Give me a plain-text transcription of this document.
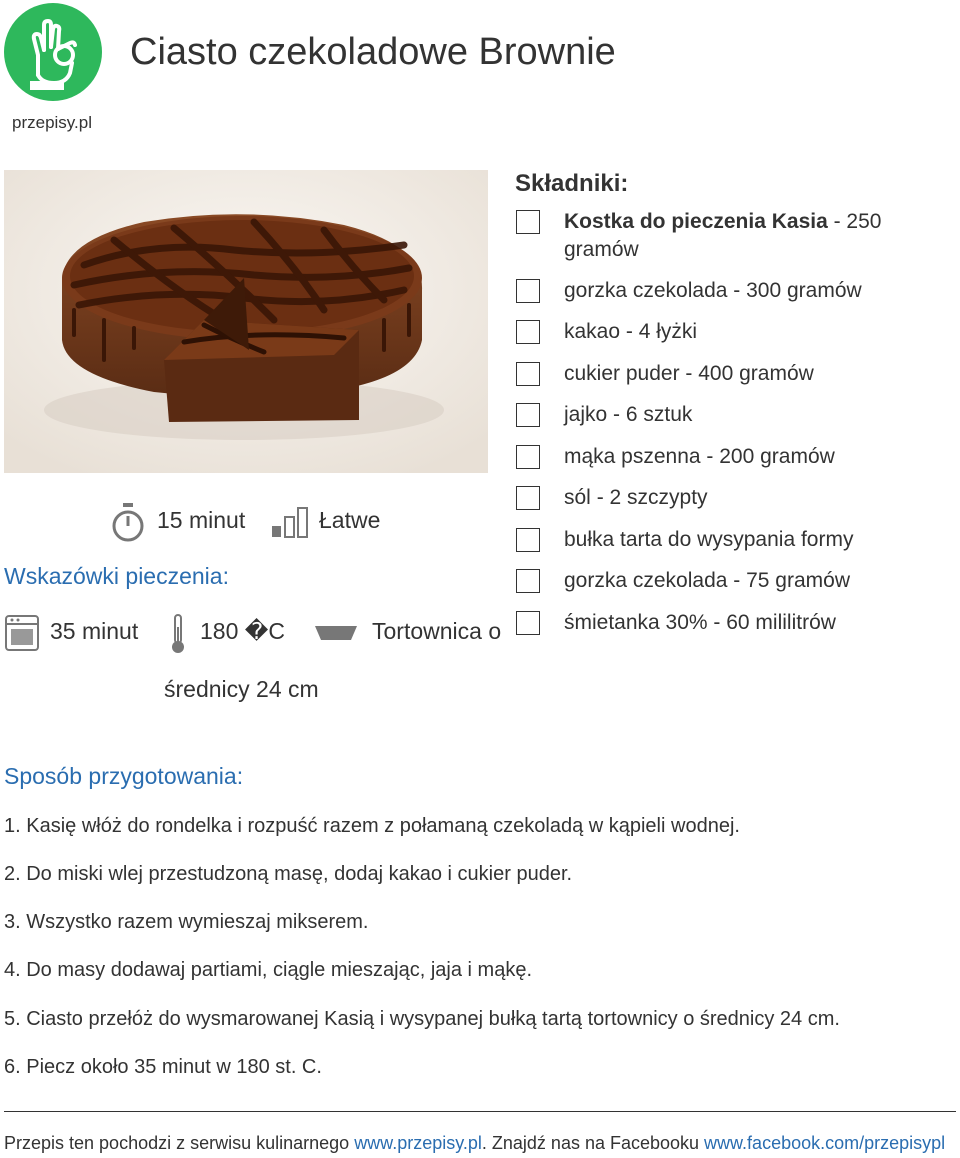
przepisy.pl
Ciasto czekoladowe Brownie
15 minut	Łatwe
Wskazówki pieczenia:
35 minut	180 �C	Tortownica o
średnicy 24 cm
Składniki:
Kostka do pieczenia Kasia - 250 gramów
gorzka czekolada - 300 gramów
kakao - 4 łyżki
cukier puder - 400 gramów
jajko - 6 sztuk
mąka pszenna - 200 gramów
sól - 2 szczypty
bułka tarta do wysypania formy
gorzka czekolada - 75 gramów
śmietanka 30% - 60 mililitrów
Sposób przygotowania:
1. Kasię włóż do rondelka i rozpuść razem z połamaną czekoladą w kąpieli wodnej.
2. Do miski wlej przestudzoną masę, dodaj kakao i cukier puder.
3. Wszystko razem wymieszaj mikserem.
4. Do masy dodawaj partiami, ciągle mieszając, jaja i mąkę.
5. Ciasto przełóż do wysmarowanej Kasią i wysypanej bułką tartą tortownicy o średnicy 24 cm.
6. Piecz około 35 minut w 180 st. C.
Przepis ten pochodzi z serwisu kulinarnego www.przepisy.pl. Znajdź nas na Facebooku www.facebook.com/przepisypl
